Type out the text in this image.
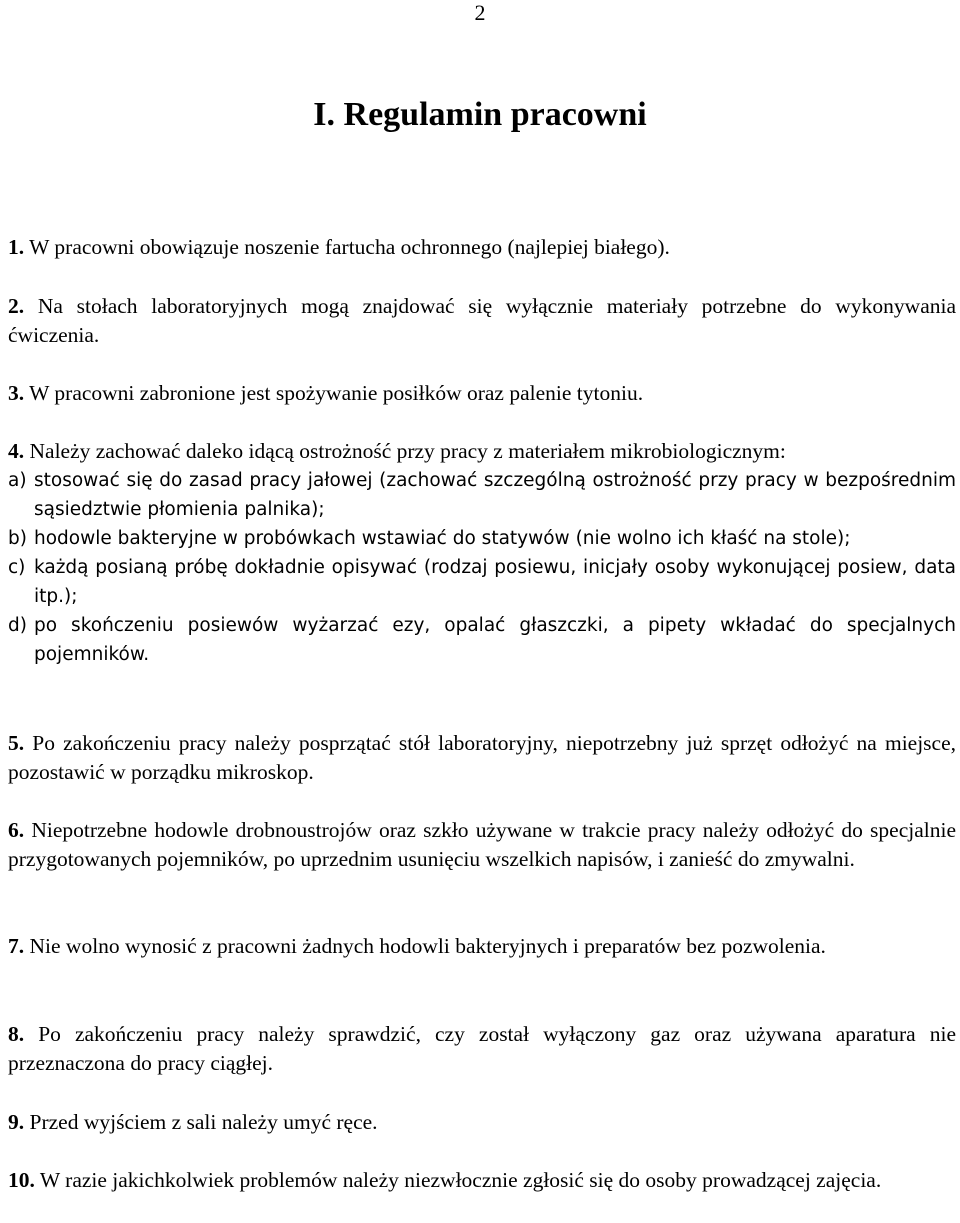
2
I. Regulamin pracowni
1. W pracowni obowiązuje noszenie fartucha ochronnego (najlepiej białego).
2. Na stołach laboratoryjnych mogą znajdować się wyłącznie materiały potrzebne do wykonywania ćwiczenia.
3. W pracowni zabronione jest spożywanie posiłków oraz palenie tytoniu.
4. Należy zachować daleko idącą ostrożność przy pracy z materiałem mikrobiologicznym:
a) stosować się do zasad pracy jałowej (zachować szczególną ostrożność przy pracy w bezpośrednim sąsiedztwie płomienia palnika);
b) hodowle bakteryjne w probówkach wstawiać do statywów (nie wolno ich kłaść na stole);
c) każdą posianą próbę dokładnie opisywać (rodzaj posiewu, inicjały osoby wykonującej posiew, data itp.);
d) po skończeniu posiewów wyżarzać ezy, opalać głaszczki, a pipety wkładać do specjalnych pojemników.
5. Po zakończeniu pracy należy posprzątać stół laboratoryjny, niepotrzebny już sprzęt odłożyć na miejsce, pozostawić w porządku mikroskop.
6. Niepotrzebne hodowle drobnoustrojów oraz szkło używane w trakcie pracy należy odłożyć do specjalnie przygotowanych pojemników, po uprzednim usunięciu wszelkich napisów, i zanieść do zmywalni.
7. Nie wolno wynosić z pracowni żadnych hodowli bakteryjnych i preparatów bez pozwolenia.
8. Po zakończeniu pracy należy sprawdzić, czy został wyłączony gaz oraz używana aparatura nie przeznaczona do pracy ciągłej.
9. Przed wyjściem z sali należy umyć ręce.
10. W razie jakichkolwiek problemów należy niezwłocznie zgłosić się do osoby prowadzącej zajęcia.
